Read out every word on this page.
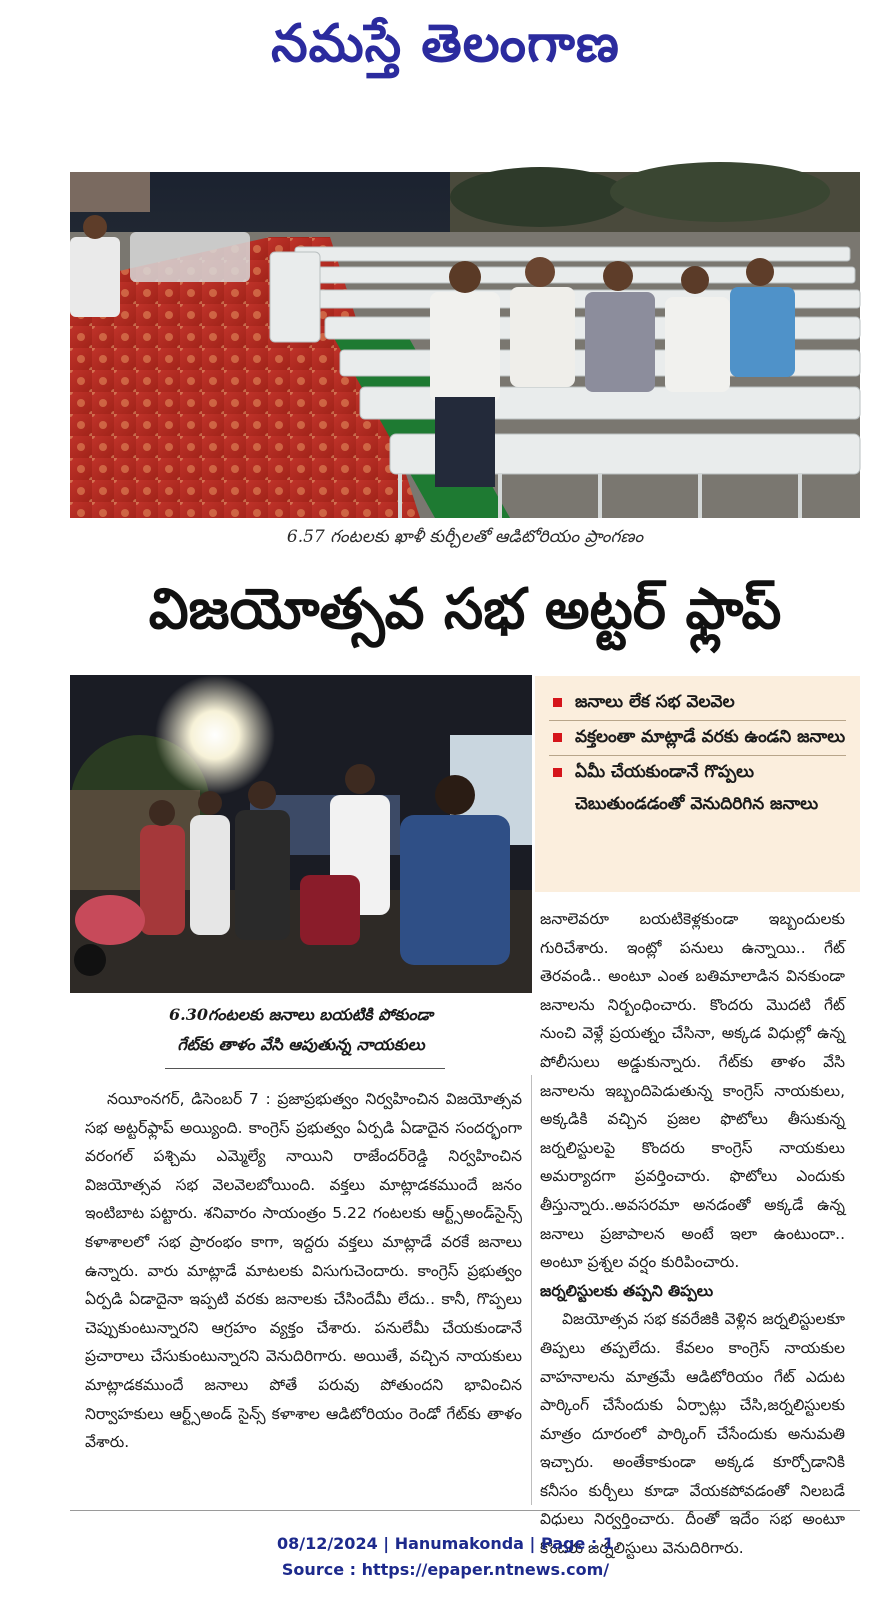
నమస్తే తెలంగాణ
6.57 గంటలకు ఖాళీ కుర్చీలతో ఆడిటోరియం ప్రాంగణం
విజయోత్సవ సభ అట్టర్ ఫ్లాప్
జనాలు లేక సభ వెలవెల
వక్తలంతా మాట్లాడే వరకు ఉండని జనాలు
ఏమీ చేయకుండానే గొప్పలు చెబుతుండడంతో వెనుదిరిగిన జనాలు

జనాలెవరూ బయటికెళ్లకుండా ఇబ్బందులకు గురిచేశారు. ఇంట్లో పనులు ఉన్నాయి.. గేట్ తెరవండి.. అంటూ ఎంత బతిమాలాడిన వినకుండా జనాలను నిర్బంధించారు. కొందరు మొదటి గేట్ నుంచి వెళ్లే ప్రయత్నం చేసినా, అక్కడ విధుల్లో ఉన్న పోలీసులు అడ్డుకున్నారు. గేట్‌కు తాళం వేసి జనాలను ఇబ్బందిపెడుతున్న కాంగ్రెస్ నాయకులు, అక్కడికి వచ్చిన ప్రజల ఫొటోలు తీసుకున్న జర్నలిస్టులపై కొందరు కాంగ్రెస్ నాయకులు అమర్యాదగా ప్రవర్తించారు. ఫొటోలు ఎందుకు తీస్తున్నారు..అవసరమా అనడంతో అక్కడే ఉన్న జనాలు ప్రజాపాలన అంటే ఇలా ఉంటుందా.. అంటూ ప్రశ్నల వర్షం కురిపించారు.

జర్నలిస్టులకు తప్పని తిప్పలు

విజయోత్సవ సభ కవరేజికి వెళ్లిన జర్నలిస్టులకూ తిప్పలు తప్పలేదు. కేవలం కాంగ్రెస్ నాయకుల వాహనాలను మాత్రమే ఆడిటోరియం గేట్ ఎదుట పార్కింగ్ చేసేందుకు ఏర్పాట్లు చేసి,జర్నలిస్టులకు మాత్రం దూరంలో పార్కింగ్ చేసేందుకు అనుమతి ఇచ్చారు. అంతేకాకుండా అక్కడ కూర్చోడానికి కనీసం కుర్చీలు కూడా వేయకపోవడంతో నిలబడే విధులు నిర్వర్తించారు. దీంతో ఇదేం సభ అంటూ కొందరు జర్నలిస్టులు వెనుదిరిగారు.

6.30గంటలకు జనాలు బయటికి పోకుండా
గేట్‌కు తాళం వేసి ఆపుతున్న నాయకులు

నయీంనగర్, డిసెంబర్ 7 : ప్రజాప్రభుత్వం నిర్వహించిన విజయోత్సవ సభ అట్టర్‌ఫ్లాప్ అయ్యింది. కాంగ్రెస్ ప్రభుత్వం ఏర్పడి ఏడాదైన సందర్భంగా వరంగల్ పశ్చిమ ఎమ్మెల్యే నాయిని రాజేందర్‌రెడ్డి నిర్వహించిన విజయోత్సవ సభ వెలవెలబోయింది. వక్తలు మాట్లాడకముందే జనం ఇంటిబాట పట్టారు. శనివారం సాయంత్రం 5.22 గంటలకు ఆర్ట్స్‌అండ్‌సైన్స్ కళాశాలలో సభ ప్రారంభం కాగా, ఇద్దరు వక్తలు మాట్లాడే వరకే జనాలు ఉన్నారు. వారు మాట్లాడే మాటలకు విసుగుచెందారు. కాంగ్రెస్ ప్రభుత్వం ఏర్పడి ఏడాదైనా ఇప్పటి వరకు జనాలకు చేసిందేమీ లేదు.. కానీ, గొప్పలు చెప్పుకుంటున్నారని ఆగ్రహం వ్యక్తం చేశారు. పనులేమీ చేయకుండానే ప్రచారాలు చేసుకుంటున్నారని వెనుదిరిగారు. అయితే, వచ్చిన నాయకులు మాట్లాడకముందే జనాలు పోతే పరువు పోతుందని భావించిన నిర్వాహకులు ఆర్ట్స్‌అండ్ సైన్స్ కళాశాల ఆడిటోరియం రెండో గేట్‌కు తాళం వేశారు.

08/12/2024 | Hanumakonda | Page : 1
Source : https://epaper.ntnews.com/
